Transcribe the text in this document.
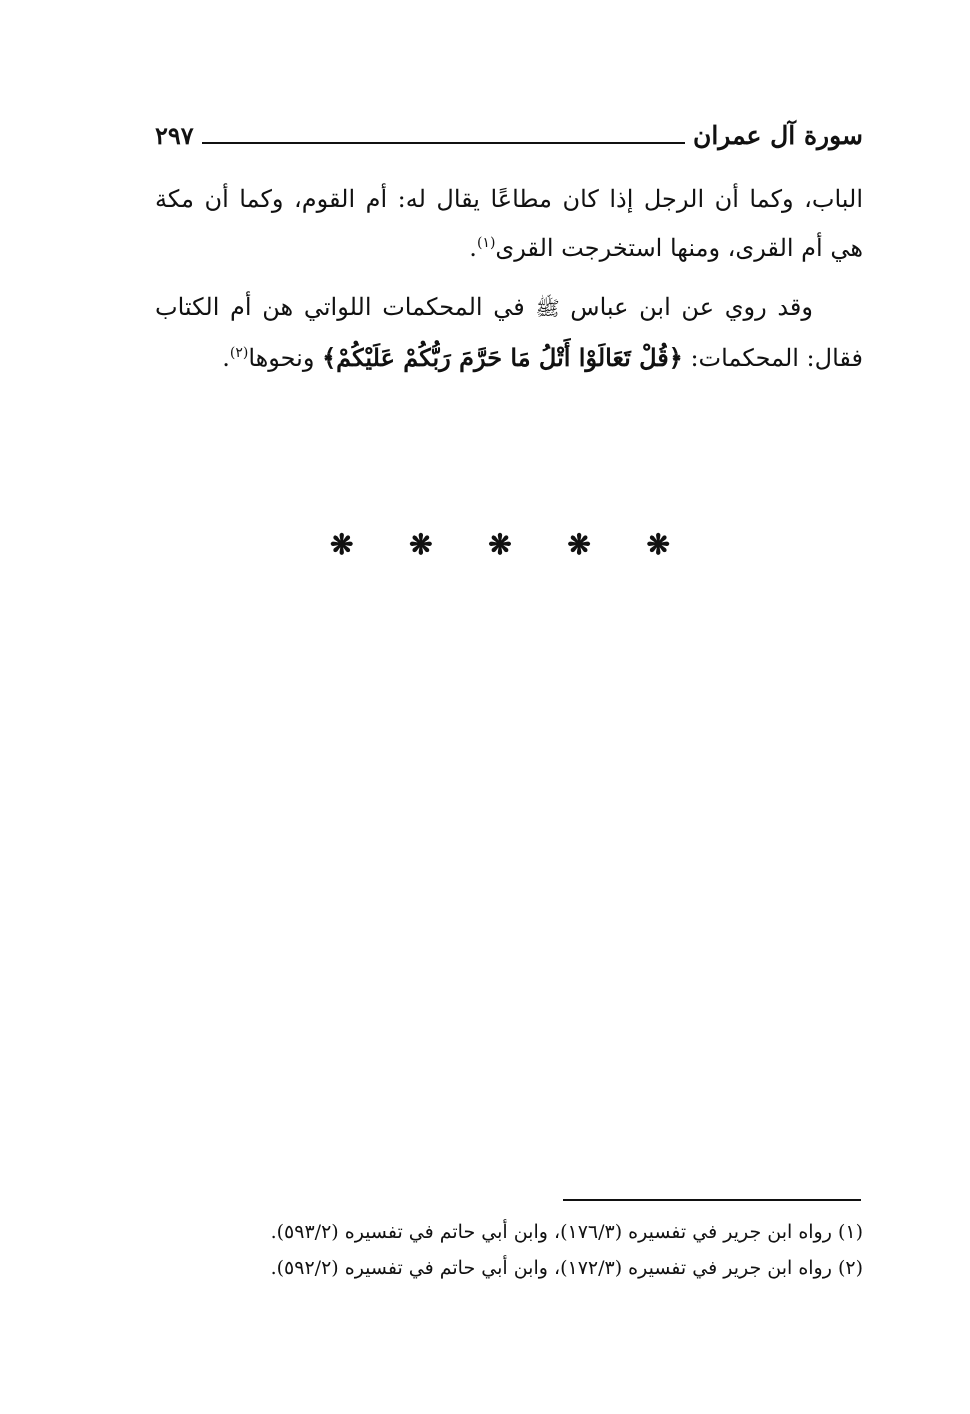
سورة آل عمران
٢٩٧

الباب، وكما أن الرجل إذا كان مطاعًا يقال له: أم القوم، وكما أن مكة هي أم القرى، ومنها استخرجت القرى$^{(١)}$.

وقد روي عن ابن عباس ﷺ في المحكمات اللواتي هن أم الكتاب فقال: المحكمات: ﴿قُلْ تَعَالَوْا أَتْلُ مَا حَرَّمَ رَبُّكُمْ عَلَيْكُمْ﴾ ونحوها$^{(٢)}$.

❋
❋
❋
❋
❋
(١) رواه ابن جرير في تفسيره (١٧٦/٣)، وابن أبي حاتم في تفسيره (٥٩٣/٢).
(٢) رواه ابن جرير في تفسيره (١٧٢/٣)، وابن أبي حاتم في تفسيره (٥٩٢/٢).
